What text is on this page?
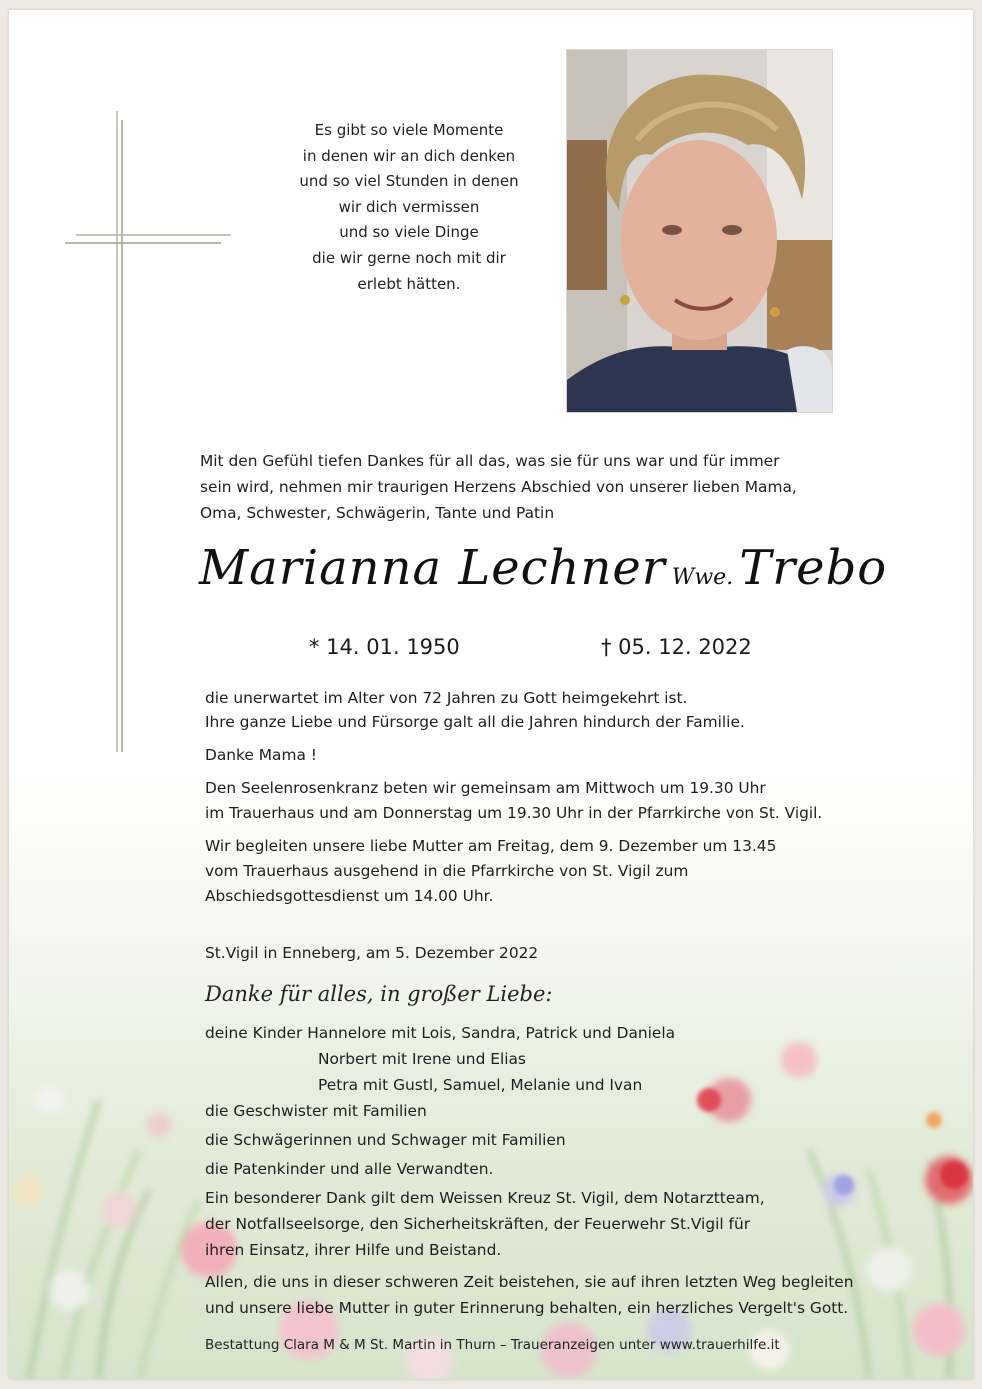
Es gibt so viele Momente
in denen wir an dich denken
und so viel Stunden in denen
wir dich vermissen
und so viele Dinge
die wir gerne noch mit dir
erlebt hätten.
Mit den Gefühl tiefen Dankes für all das, was sie für uns war und für immer
sein wird, nehmen mir traurigen Herzens Abschied von unserer lieben Mama,
Oma, Schwester, Schwägerin, Tante und Patin
Marianna Lechner Wwe. Trebo
* 14. 01. 1950	† 05. 12. 2022
die unerwartet im Alter von 72 Jahren zu Gott heimgekehrt ist.
Ihre ganze Liebe und Fürsorge galt all die Jahren hindurch der Familie.
Danke Mama !
Den Seelenrosenkranz beten wir gemeinsam am Mittwoch um 19.30 Uhr
im Trauerhaus und am Donnerstag um 19.30 Uhr in der Pfarrkirche von St. Vigil.
Wir begleiten unsere liebe Mutter am Freitag, dem 9. Dezember um 13.45
vom Trauerhaus ausgehend in die Pfarrkirche von St. Vigil zum
Abschiedsgottesdienst um 14.00 Uhr.
St.Vigil in Enneberg, am 5. Dezember 2022
Danke für alles, in großer Liebe:
deine Kinder Hannelore mit Lois, Sandra, Patrick und Daniela
Norbert mit Irene und Elias
Petra mit Gustl, Samuel, Melanie und Ivan
die Geschwister mit Familien
die Schwägerinnen und Schwager mit Familien
die Patenkinder und alle Verwandten.
Ein besonderer Dank gilt dem Weissen Kreuz St. Vigil, dem Notarztteam,
der Notfallseelsorge, den Sicherheitskräften, der Feuerwehr St.Vigil für
ihren Einsatz, ihrer Hilfe und Beistand.
Allen, die uns in dieser schweren Zeit beistehen, sie auf ihren letzten Weg begleiten
und unsere liebe Mutter in guter Erinnerung behalten, ein herzliches Vergelt's Gott.
Bestattung Clara M & M St. Martin in Thurn – Traueranzeigen unter www.trauerhilfe.it
